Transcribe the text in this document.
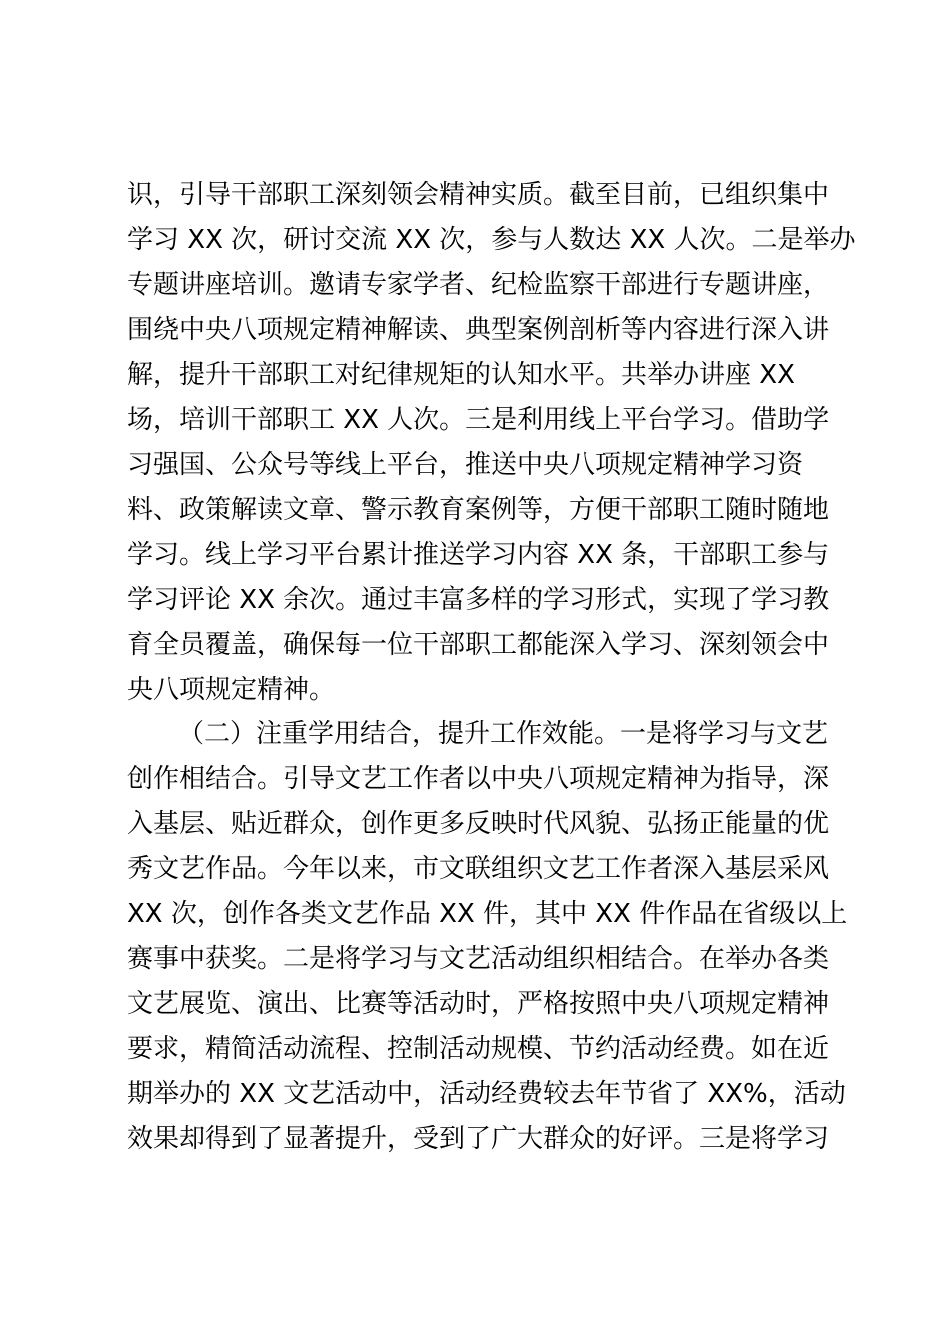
识，引导干部职工深刻领会精神实质。截至目前，已组织集中
学习 XX 次，研讨交流 XX 次，参与人数达 XX 人次。二是举办
专题讲座培训。邀请专家学者、纪检监察干部进行专题讲座，
围绕中央八项规定精神解读、典型案例剖析等内容进行深入讲
解，提升干部职工对纪律规矩的认知水平。共举办讲座 XX
场，培训干部职工 XX 人次。三是利用线上平台学习。借助学
习强国、公众号等线上平台，推送中央八项规定精神学习资
料、政策解读文章、警示教育案例等，方便干部职工随时随地
学习。线上学习平台累计推送学习内容 XX 条，干部职工参与
学习评论 XX 余次。通过丰富多样的学习形式，实现了学习教
育全员覆盖，确保每一位干部职工都能深入学习、深刻领会中
央八项规定精神。
（二）注重学用结合，提升工作效能。一是将学习与文艺
创作相结合。引导文艺工作者以中央八项规定精神为指导，深
入基层、贴近群众，创作更多反映时代风貌、弘扬正能量的优
秀文艺作品。今年以来，市文联组织文艺工作者深入基层采风
XX 次，创作各类文艺作品 XX 件，其中 XX 件作品在省级以上
赛事中获奖。二是将学习与文艺活动组织相结合。在举办各类
文艺展览、演出、比赛等活动时，严格按照中央八项规定精神
要求，精简活动流程、控制活动规模、节约活动经费。如在近
期举办的 XX 文艺活动中，活动经费较去年节省了 XX%，活动
效果却得到了显著提升，受到了广大群众的好评。三是将学习
